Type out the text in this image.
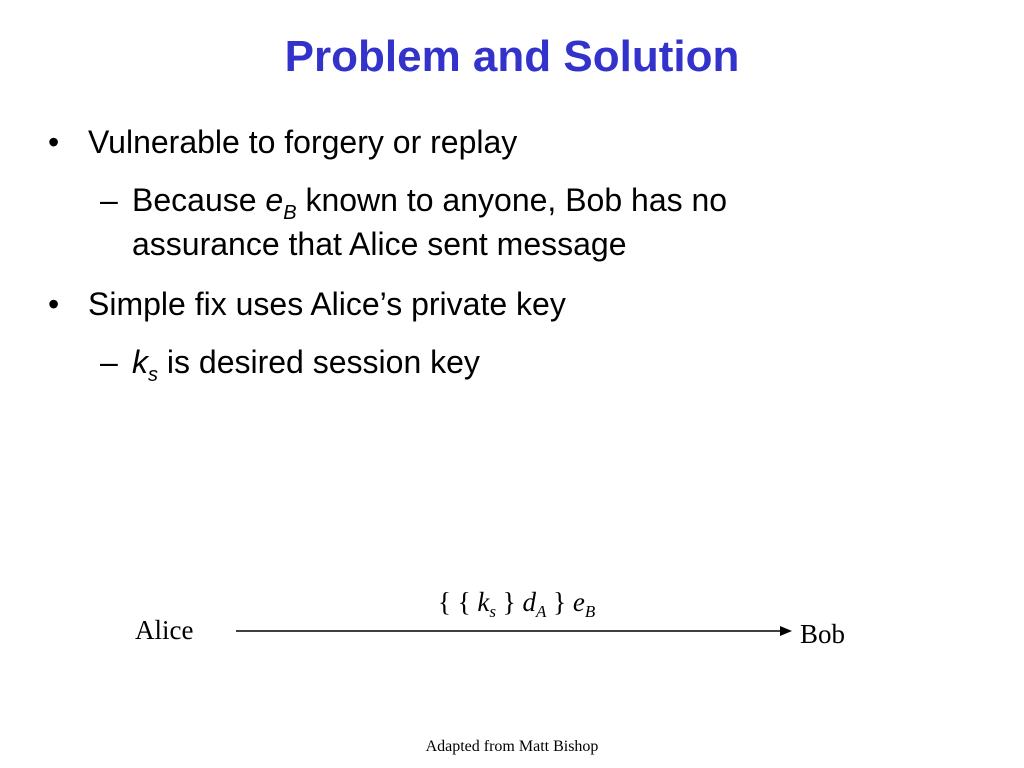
Problem and Solution
• Vulnerable to forgery or replay
– Because $e_B$ known to anyone, Bob has no
assurance that Alice sent message
• Simple fix uses Alice’s private key
– $k_s$ is desired session key
{ { $k_s$ } $d_A$ } $e_B$
Alice	Bob
Adapted from Matt Bishop
